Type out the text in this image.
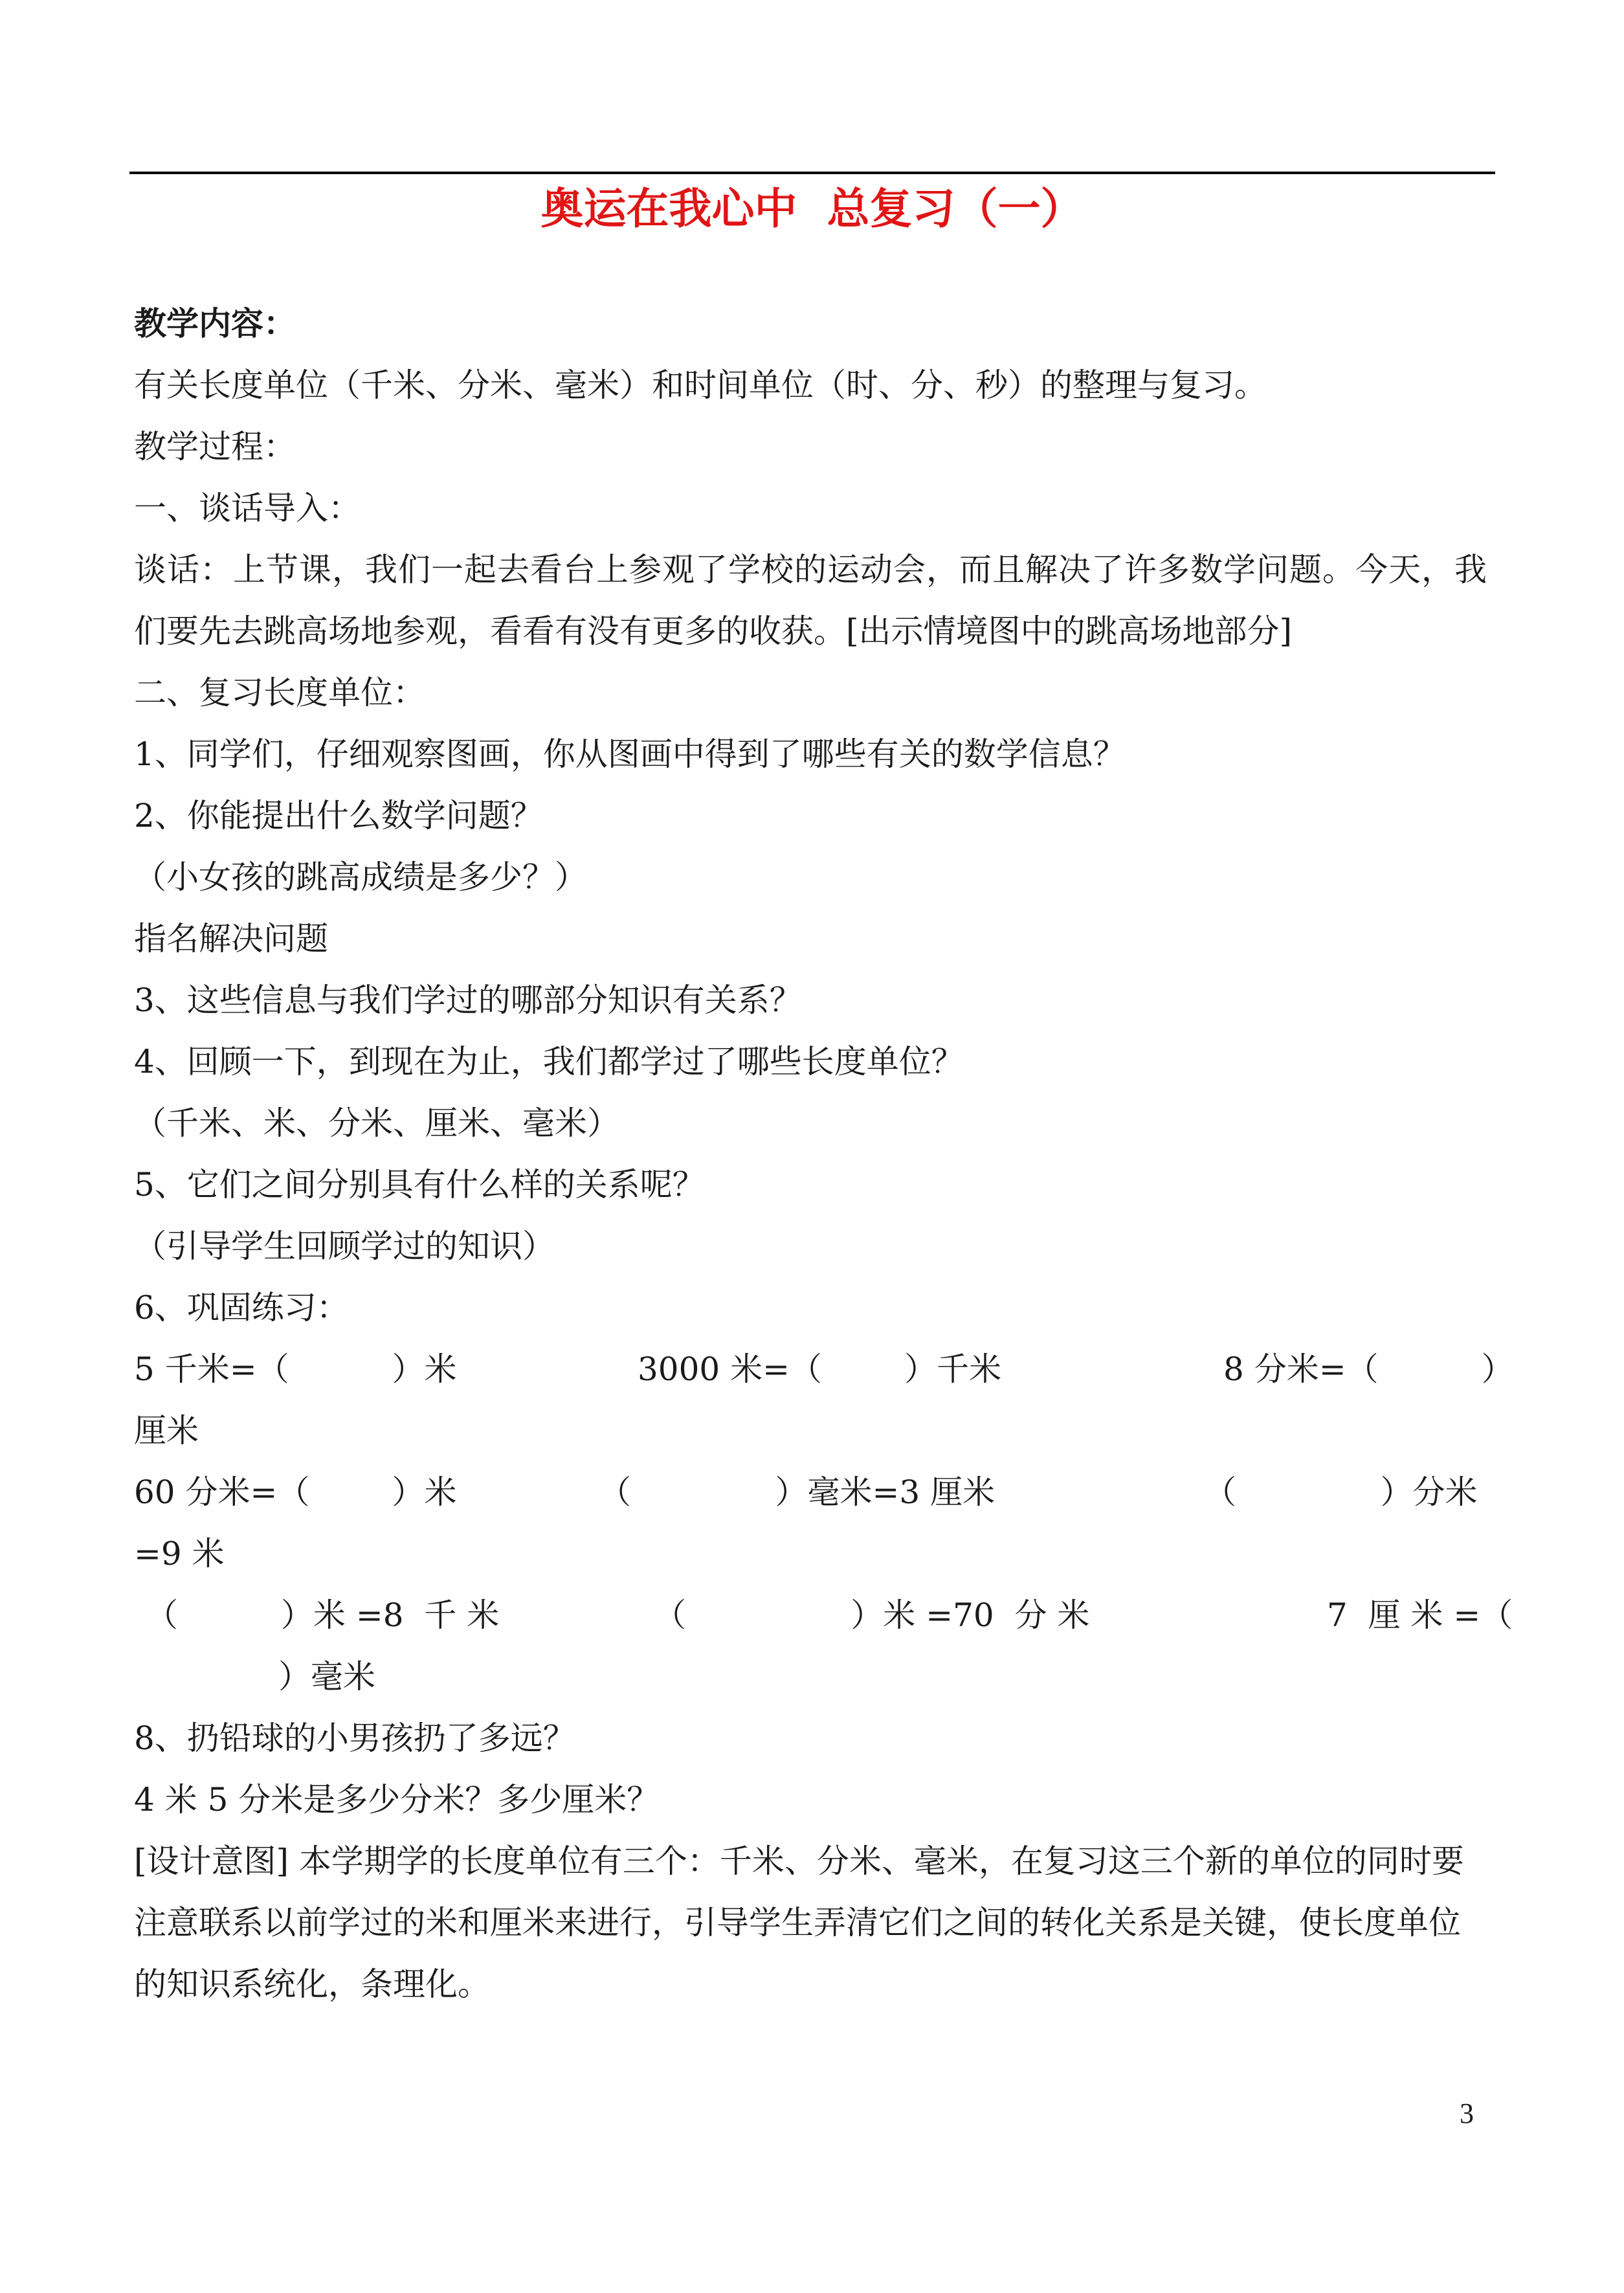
奥运在我心中  总复习（一）
教学内容：
有关长度单位（千米、分米、毫米）和时间单位（时、分、秒）的整理与复习。
教学过程：
一、谈话导入：
谈话：上节课，我们一起去看台上参观了学校的运动会，而且解决了许多数学问题。今天，我
们要先去跳高场地参观，看看有没有更多的收获。[出示情境图中的跳高场地部分]
二、复习长度单位：
1、同学们，仔细观察图画，你从图画中得到了哪些有关的数学信息？
2、你能提出什么数学问题？
（小女孩的跳高成绩是多少？）
指名解决问题
3、这些信息与我们学过的哪部分知识有关系？
4、回顾一下，到现在为止，我们都学过了哪些长度单位？
（千米、米、分米、厘米、毫米）
5、它们之间分别具有什么样的关系呢？
（引导学生回顾学过的知识）
6、巩固练习：
5 千米=（          ）米	3000 米=（        ）千米	8 分米=（          ）
厘米
60 分米=（        ）米	（              ）毫米=3 厘米	（              ）分米
=9 米
（          ）米 =8  千 米	（                ）米 =70  分 米	7  厘 米 =（
）毫米
8、扔铅球的小男孩扔了多远？
4 米 5 分米是多少分米？多少厘米？
[设计意图] 本学期学的长度单位有三个：千米、分米、毫米，在复习这三个新的单位的同时要
注意联系以前学过的米和厘米来进行，引导学生弄清它们之间的转化关系是关键，使长度单位
的知识系统化，条理化。
3
